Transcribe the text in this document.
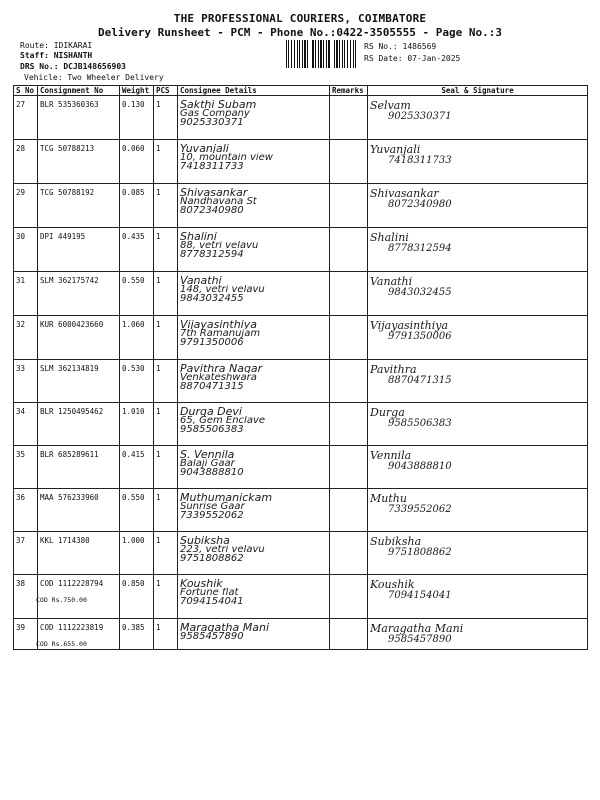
THE PROFESSIONAL COURIERS, COIMBATORE
Delivery Runsheet - PCM - Phone No.:0422-3505555 - Page No.:3
Route: IDIKARAI
Staff: NISHANTH
DRS No.: DCJB148656903
Vehicle: Two Wheeler Delivery
RS No.: 1486569
RS Date: 07-Jan-2025
S No	Consignment No	Weight	PCS	Consignee Details	Remarks	Seal & Signature
27	BLR 535360363	0.130	1	Sakthi Subam
Gas Company
9025330371		Selvam
9025330371

28	TCG 50788213	0.060	1	Yuvanjali
10, mountain view
7418311733		Yuvanjali
7418311733

29	TCG 50788192	0.085	1	Shivasankar
Nandhavana St
8072340980		Shivasankar
8072340980

30	DPI 449195	0.435	1	Shalini
88, vetri velavu
8778312594		Shalini
8778312594

31	SLM 362175742	0.550	1	Vanathi
148, vetri velavu
9843032455		Vanathi
9843032455

32	KUR 6000423660	1.060	1	Vijayasinthiya
7th Ramanujam
9791350006		Vijayasinthiya
9791350006

33	SLM 362134819	0.530	1	Pavithra Nagar
Venkateshwara
8870471315		Pavithra
8870471315

34	BLR 1250495462	1.010	1	Durga Devi
65, Gem Enclave
9585506383		Durga
9585506383

35	BLR 685289611	0.415	1	S. Vennila
Balaji Gaar
9043888810		Vennila
9043888810

36	MAA 576233960	0.550	1	Muthumanickam
Sunrise Gaar
7339552062		Muthu
7339552062

37	KKL 1714380	1.000	1	Subiksha
223, vetri velavu
9751808862		Subiksha
9751808862

38	COD 1112228794
COD Rs.750.00	0.850	1	Koushik
Fortune flat
7094154041		Koushik
7094154041

39	COD 1112223819
COD Rs.655.00	0.385	1	Maragatha Mani
9585457890		Maragatha Mani
9585457890
